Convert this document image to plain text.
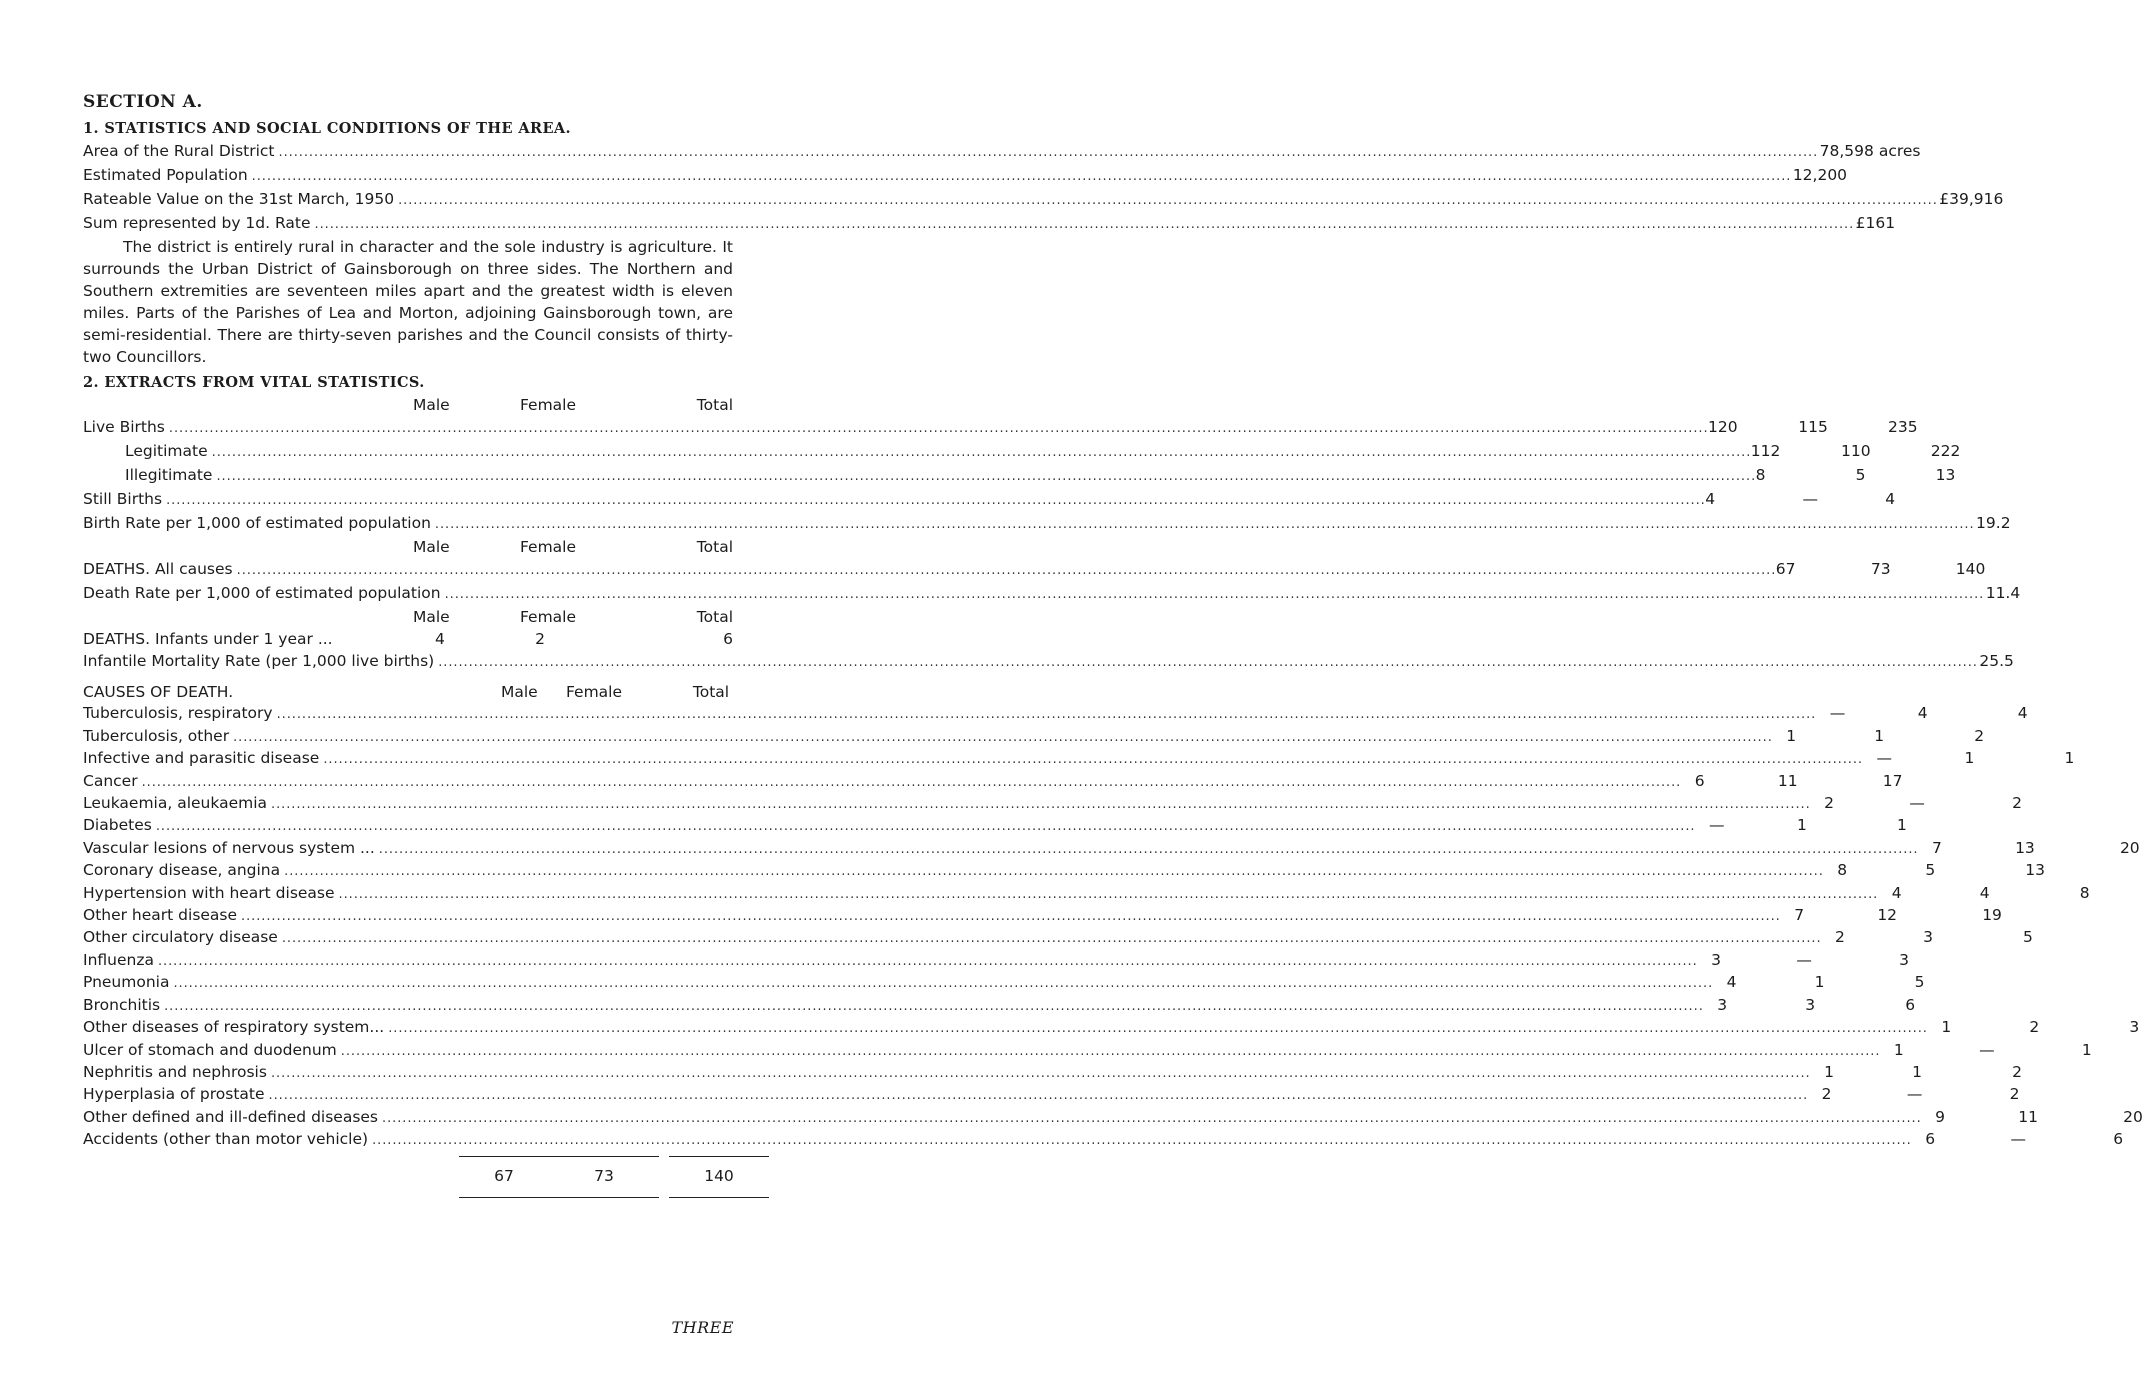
SECTION A.
1. STATISTICS AND SOCIAL CONDITIONS OF THE AREA.
Area of the Rural District . . .	78,598 acres
Estimated Population . . .	12,200
Rateable Value on the 31st March, 1950 . . .	£39,916
Sum represented by 1d. Rate . . .	£161

The district is entirely rural in character and the sole industry is agriculture. It surrounds the Urban District of Gainsborough on three sides. The Northern and Southern extremities are seventeen miles apart and the greatest width is eleven miles. Parts of the Parishes of Lea and Morton, adjoining Gainsborough town, are semi-residential. There are thirty-seven parishes and the Council consists of thirty-two Councillors.

2. EXTRACTS FROM VITAL STATISTICS.
Male	Female	Total
Live Births . . .	120	115	235
Legitimate . . .	112	110	222
Illegitimate . . .	8	5	13
Still Births . . .	4	—	4
Birth Rate per 1,000 of estimated population . . .	19.2
Male	Female	Total
DEATHS. All causes . . .	67	73	140
Death Rate per 1,000 of estimated population . . .	11.4
Male	Female	Total
DEATHS. Infants under 1 year ...	4	2	6
Infantile Mortality Rate (per 1,000 live births) . . .	25.5
CAUSES OF DEATH.	Male	Female	Total
Tuberculosis, respiratory . . .	—	4	4
Tuberculosis, other . . .	1	1	2
Infective and parasitic disease . . .	—	1	1
Cancer . . .	6	11	17
Leukaemia, aleukaemia . . .	2	—	2
Diabetes . . .	—	1	1
Vascular lesions of nervous system ... . . .	7	13	20
Coronary disease, angina . . .	8	5	13
Hypertension with heart disease . . .	4	4	8
Other heart disease . . .	7	12	19
Other circulatory disease . . .	2	3	5
Influenza . . .	3	—	3
Pneumonia . . .	4	1	5
Bronchitis . . .	3	3	6
Other diseases of respiratory system... . . .	1	2	3
Ulcer of stomach and duodenum . . .	1	—	1
Nephritis and nephrosis . . .	1	1	2
Hyperplasia of prostate . . .	2	—	2
Other defined and ill-defined diseases . . .	9	11	20
Accidents (other than motor vehicle) . . .	6	—	6
67	73	140
THREE
